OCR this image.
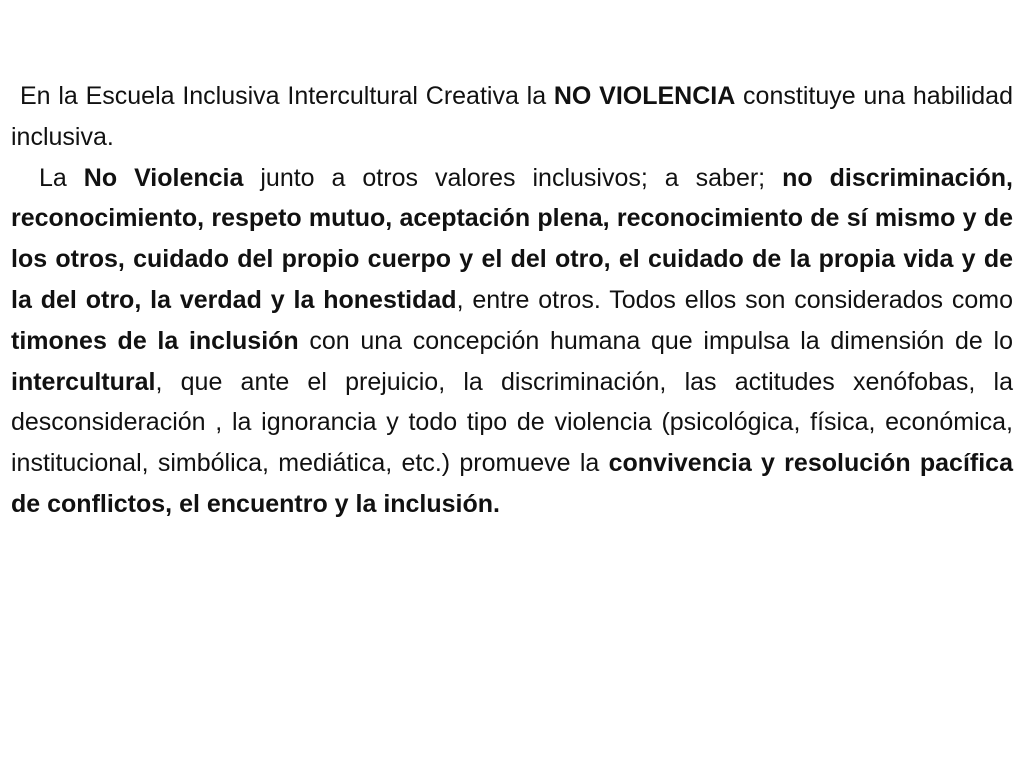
En la Escuela Inclusiva Intercultural Creativa la NO VIOLENCIA constituye una habilidad inclusiva.

La No Violencia junto a otros valores inclusivos; a saber; no discriminación, reconocimiento, respeto mutuo, aceptación plena, reconocimiento de sí mismo y de los otros, cuidado del propio cuerpo y el del otro, el cuidado de la propia vida y de la del otro, la verdad y la honestidad, entre otros. Todos ellos son considerados como timones de la inclusión con una concepción humana que impulsa la dimensión de lo intercultural, que ante el prejuicio, la discriminación, las actitudes xenófobas, la desconsideración , la ignorancia y todo tipo de violencia (psicológica, física, económica, institucional, simbólica, mediática, etc.) promueve la convivencia y resolución pacífica de conflictos, el encuentro y la inclusión.
